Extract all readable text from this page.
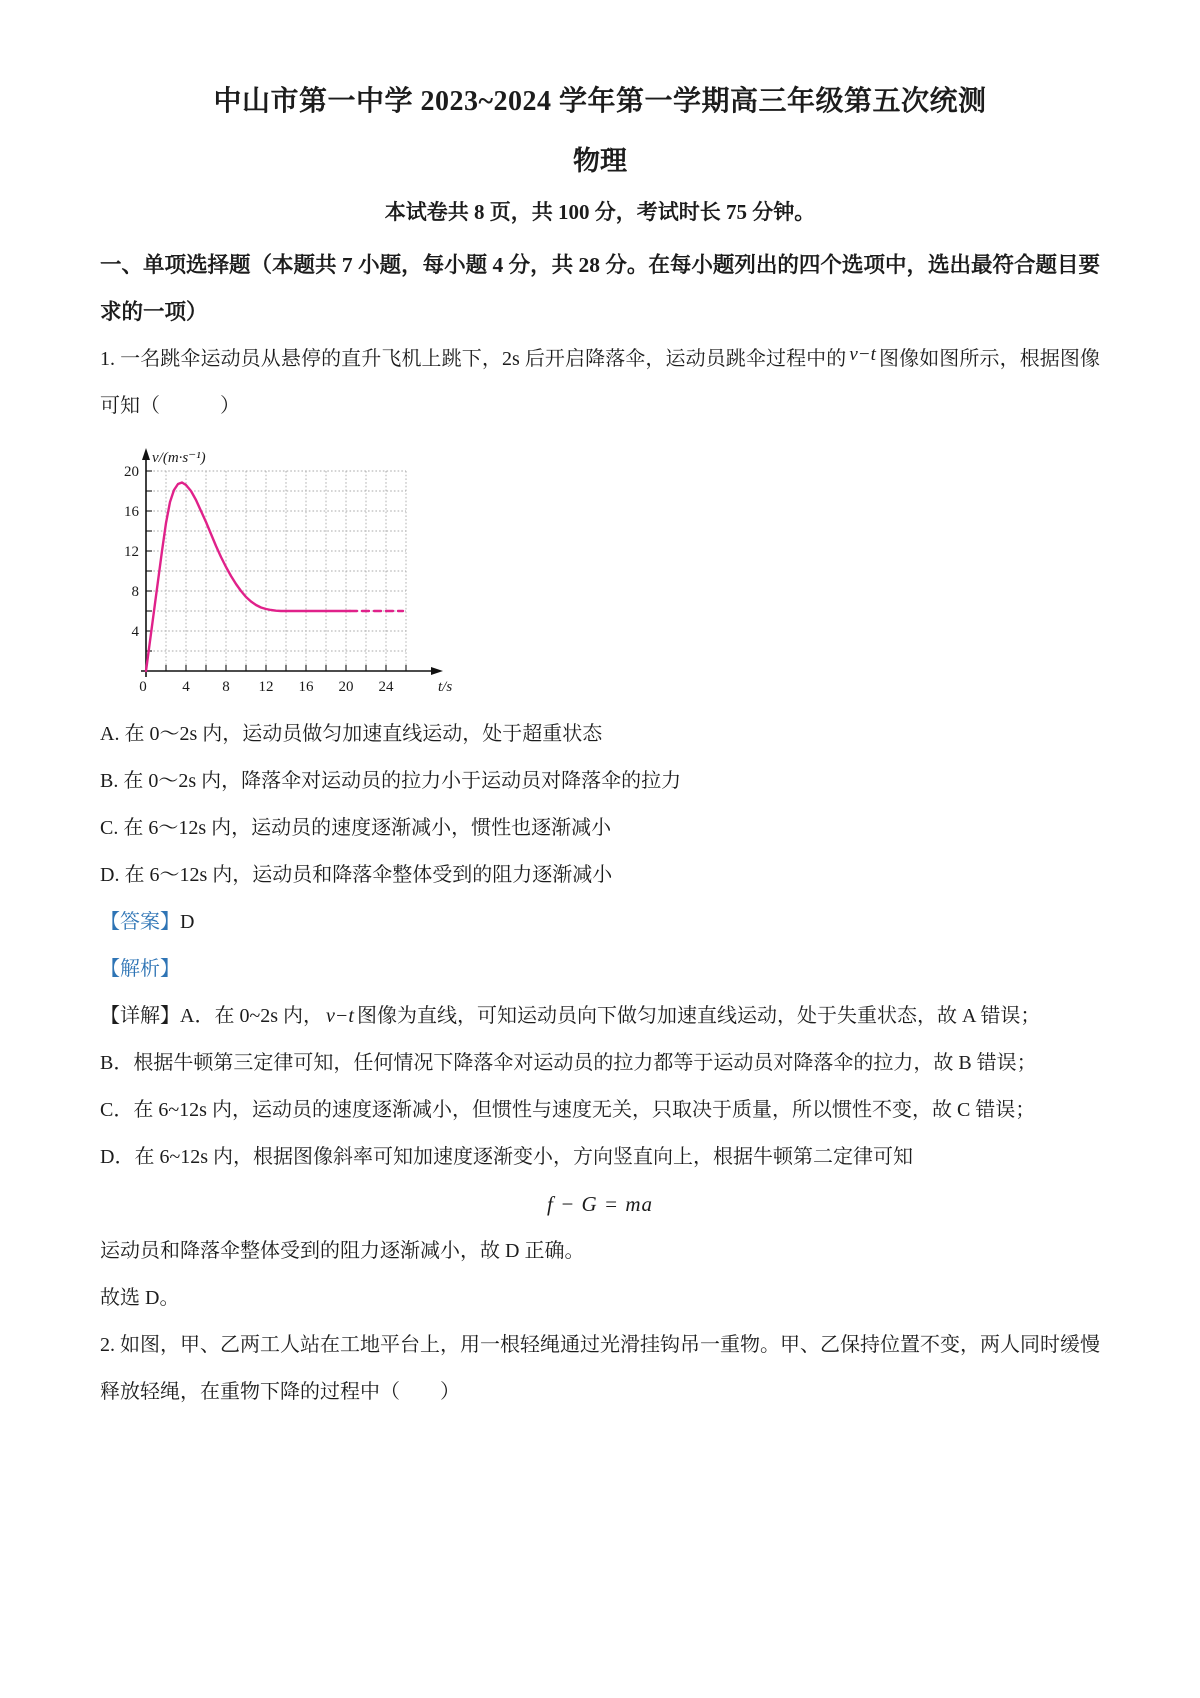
中山市第一中学 2023~2024 学年第一学期高三年级第五次统测
物理

本试卷共 8 页，共 100 分，考试时长 75 分钟。

一、单项选择题（本题共 7 小题，每小题 4 分，共 28 分。在每小题列出的四个选项中，选出最符合题目要求的一项）

1. 一名跳伞运动员从悬停的直升飞机上跳下，2s 后开启降落伞，运动员跳伞过程中的 v−t 图像如图所示，根据图像可知（　　　）

0 4 8 12 16 20 24
4
8
12
16
20
t/s
v/(m·s⁻¹)

A. 在 0～2s 内，运动员做匀加速直线运动，处于超重状态

B. 在 0～2s 内，降落伞对运动员的拉力小于运动员对降落伞的拉力

C. 在 6～12s 内，运动员的速度逐渐减小，惯性也逐渐减小

D. 在 6～12s 内，运动员和降落伞整体受到的阻力逐渐减小

【答案】D

【解析】

【详解】A．在 0~2s 内， v−t 图像为直线，可知运动员向下做匀加速直线运动，处于失重状态，故 A 错误；

B．根据牛顿第三定律可知，任何情况下降落伞对运动员的拉力都等于运动员对降落伞的拉力，故 B 错误；

C．在 6~12s 内，运动员的速度逐渐减小，但惯性与速度无关，只取决于质量，所以惯性不变，故 C 错误；

D．在 6~12s 内，根据图像斜率可知加速度逐渐变小，方向竖直向上，根据牛顿第二定律可知

f − G = ma

运动员和降落伞整体受到的阻力逐渐减小，故 D 正确。

故选 D。

2. 如图，甲、乙两工人站在工地平台上，用一根轻绳通过光滑挂钩吊一重物。甲、乙保持位置不变，两人同时缓慢释放轻绳，在重物下降的过程中（　　）
